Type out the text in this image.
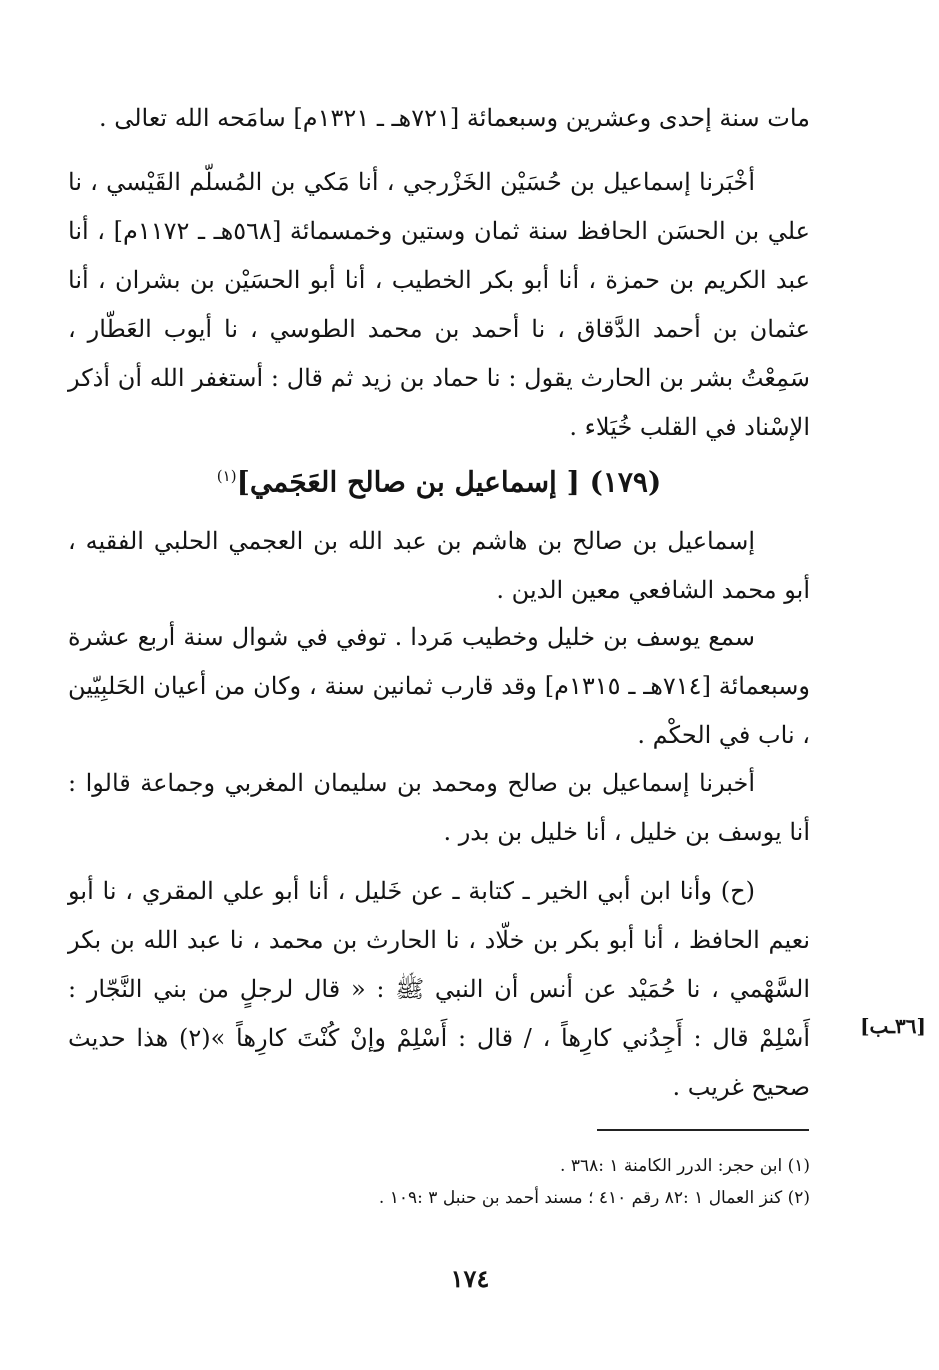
مات سنة إحدى وعشرين وسبعمائة [٧٢١هـ ـ ١٣٢١م] سامَحه الله تعالى .

أخْبَرنا إسماعيل بن حُسَيْن الخَزْرجي ، أنا مَكي بن المُسلّم القَيْسي ، نا علي بن الحسَن الحافظ سنة ثمان وستين وخمسمائة [٥٦٨هـ ـ ١١٧٢م] ، أنا عبد الكريم بن حمزة ، أنا أبو بكر الخطيب ، أنا أبو الحسَيْن بن بشران ، أنا عثمان بن أحمد الدَّقاق ، نا أحمد بن محمد الطوسي ، نا أيوب العَطّار ، سَمِعْتُ بشر بن الحارث يقول : نا حماد بن زيد ثم قال : أستغفر الله أن أذكر الإسْناد في القلب خُيَلاء .

(١٧٩) [ إسماعيل بن صالح العَجَمي]$^{(١)}$

إسماعيل بن صالح بن هاشم بن عبد الله بن العجمي الحلبي الفقيه ، أبو محمد الشافعي معين الدين .

سمع يوسف بن خليل وخطيب مَردا . توفي في شوال سنة أربع عشرة وسبعمائة [٧١٤هـ ـ ١٣١٥م] وقد قارب ثمانين سنة ، وكان من أعيان الحَلبِيّين ، ناب في الحكْم .

أخبرنا إسماعيل بن صالح ومحمد بن سليمان المغربي وجماعة قالوا : أنا يوسف بن خليل ، أنا خليل بن بدر .

(ح) وأنا ابن أبي الخير ـ كتابة ـ عن خَليل ، أنا أبو علي المقري ، نا أبو نعيم الحافظ ، أنا أبو بكر بن خلّاد ، نا الحارث بن محمد ، نا عبد الله بن بكر السَّهْمي ، نا حُمَيْد عن أنس أن النبي ﷺ : « قال لرجلٍ من بني النَّجّار : أَسْلِمْ قال : أَجِدُني كارِهاً ، / قال : أَسْلِمْ وإنْ كُنْتَ كارِهاً »(٢) هذا حديث صحيح غريب .

[٣٦ـب]

(١) ابن حجر: الدرر الكامنة ١ :٣٦٨ .

(٢) كنز العمال ١ :٨٢ رقم ٤١٠ ؛ مسند أحمد بن حنبل ٣ :١٠٩ .

١٧٤
